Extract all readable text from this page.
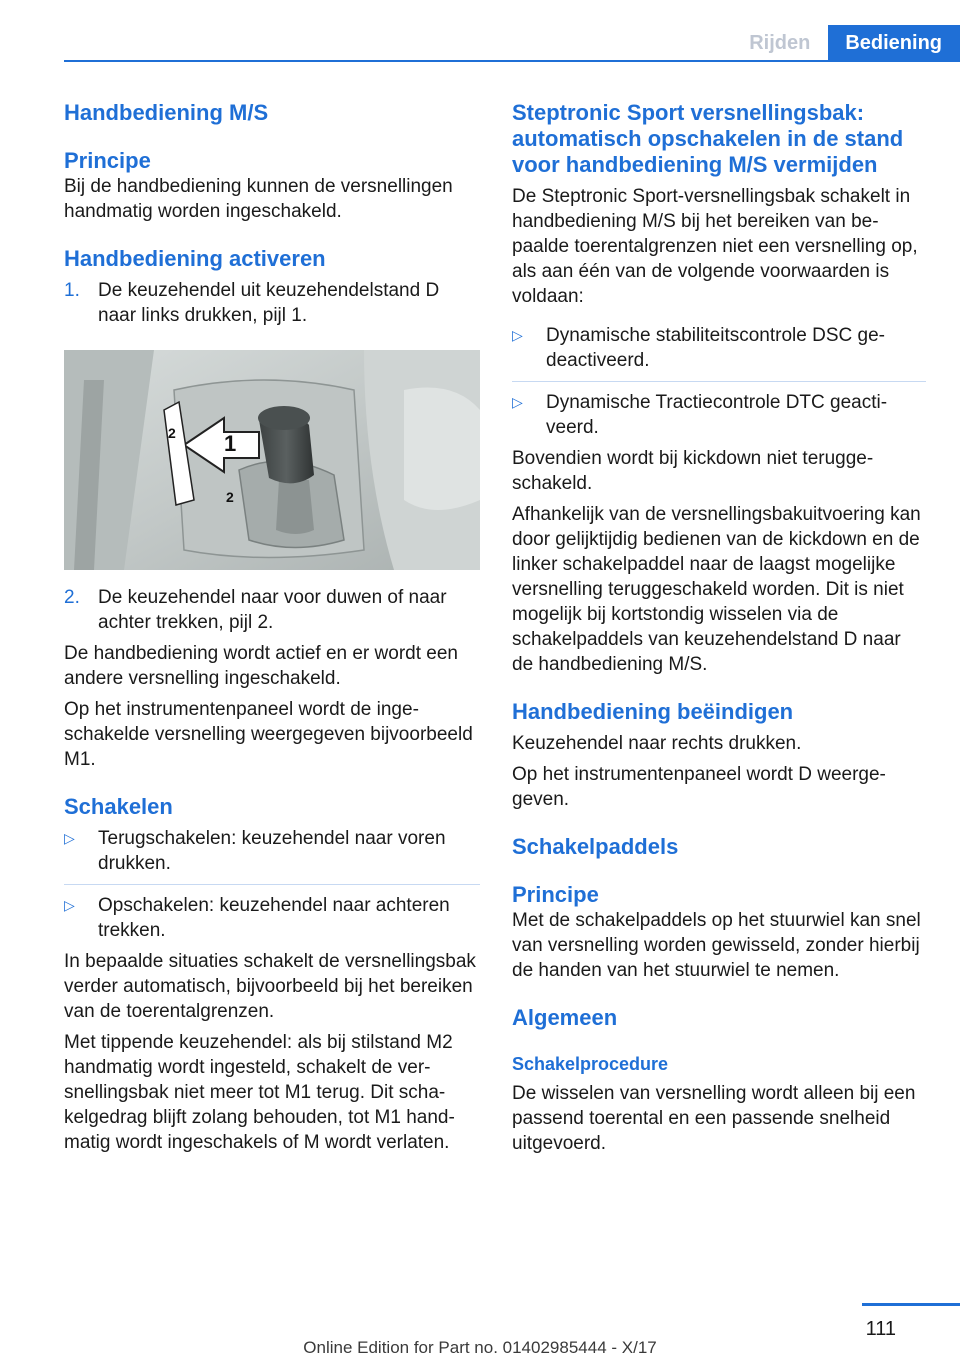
Rijden	Bediening
Handbediening M/S
Principe

Bij de handbediening kunnen de versnellingen handmatig worden ingeschakeld.

Handbediening activeren
1. De keuzehendel uit keuzehendelstand D naar links drukken, pijl 1.
1
2
2
2. De keuzehendel naar voor duwen of naar achter trekken, pijl 2.

De handbediening wordt actief en er wordt een andere versnelling ingeschakeld.

Op het instrumentenpaneel wordt de ingeschakelde versnelling weergegeven bijvoorbeeld M1.

Schakelen
▷	Terugschakelen: keuzehendel naar voren drukken.
▷	Opschakelen: keuzehendel naar achteren trekken.

In bepaalde situaties schakelt de versnellingsbak verder automatisch, bijvoorbeeld bij het bereiken van de toerentalgrenzen.

Met tippende keuzehendel: als bij stilstand M2 handmatig wordt ingesteld, schakelt de versnellingsbak niet meer tot M1 terug. Dit schakelgedrag blijft zolang behouden, tot M1 handmatig wordt ingeschakels of M wordt verlaten.

Steptronic Sport versnellingsbak: automatisch opschakelen in de stand voor handbediening M/S vermijden

De Steptronic Sport-versnellingsbak schakelt in handbediening M/S bij het bereiken van bepaalde toerentalgrenzen niet een versnelling op, als aan één van de volgende voorwaarden is voldaan:

▷	Dynamische stabiliteitscontrole DSC gedeactiveerd.
▷	Dynamische Tractiecontrole DTC geactiveerd.

Bovendien wordt bij kickdown niet teruggeschakeld.

Afhankelijk van de versnellingsbakuitvoering kan door gelijktijdig bedienen van de kickdown en de linker schakelpaddel naar de laagst mogelijke versnelling teruggeschakeld worden. Dit is niet mogelijk bij kortstondig wisselen via de schakelpaddels van keuzehendelstand D naar de handbediening M/S.

Handbediening beëindigen

Keuzehendel naar rechts drukken.

Op het instrumentenpaneel wordt D weergegeven.

Schakelpaddels
Principe

Met de schakelpaddels op het stuurwiel kan snel van versnelling worden gewisseld, zonder hierbij de handen van het stuurwiel te nemen.

Algemeen
Schakelprocedure

De wisselen van versnelling wordt alleen bij een passend toerental en een passende snelheid uitgevoerd.

111
Online Edition for Part no. 01402985444 - X/17
